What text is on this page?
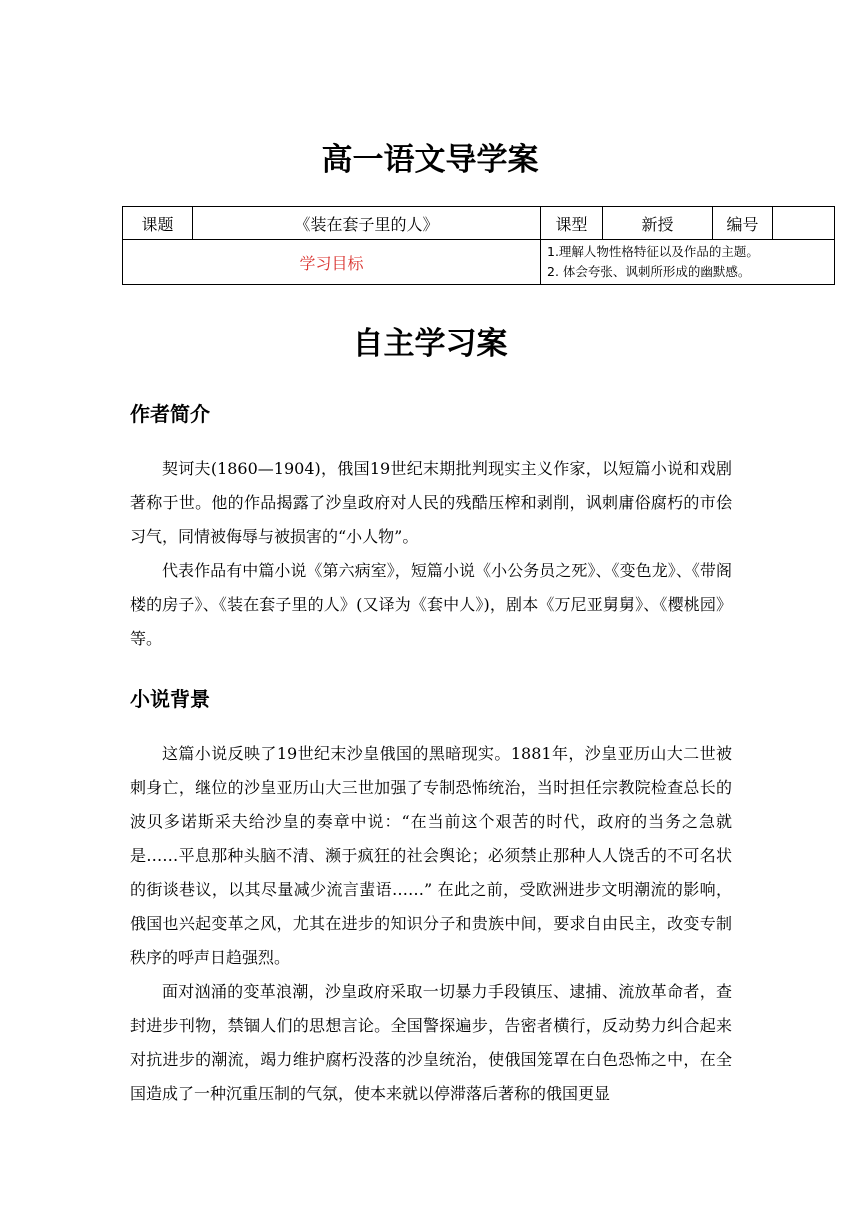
高一语文导学案
课题	《装在套子里的人》	课型	新授	编号	
学习目标		1.理解人物性格特征以及作品的主题。
2. 体会夸张、讽刺所形成的幽默感。			
自主学习案
作者简介

契诃夫(1860—1904)，俄国19世纪末期批判现实主义作家，以短篇小说和戏剧著称于世。他的作品揭露了沙皇政府对人民的残酷压榨和剥削，讽刺庸俗腐朽的市侩习气，同情被侮辱与被损害的“小人物”。

代表作品有中篇小说《第六病室》，短篇小说《小公务员之死》、《变色龙》、《带阁楼的房子》、《装在套子里的人》(又译为《套中人》)，剧本《万尼亚舅舅》、《樱桃园》等。

小说背景

这篇小说反映了19世纪末沙皇俄国的黑暗现实。1881年，沙皇亚历山大二世被刺身亡，继位的沙皇亚历山大三世加强了专制恐怖统治，当时担任宗教院检查总长的波贝多诺斯采夫给沙皇的奏章中说：“在当前这个艰苦的时代，政府的当务之急就是……平息那种头脑不清、濒于疯狂的社会舆论；必须禁止那种人人饶舌的不可名状的街谈巷议，以其尽量减少流言蜚语……” 在此之前，受欧洲进步文明潮流的影响，俄国也兴起变革之风，尤其在进步的知识分子和贵族中间，要求自由民主，改变专制秩序的呼声日趋强烈。

面对汹涌的变革浪潮，沙皇政府采取一切暴力手段镇压、逮捕、流放革命者，查封进步刊物，禁锢人们的思想言论。全国警探遍步，告密者横行，反动势力纠合起来对抗进步的潮流，竭力维护腐朽没落的沙皇统治，使俄国笼罩在白色恐怖之中，在全国造成了一种沉重压制的气氛，使本来就以停滞落后著称的俄国更显
